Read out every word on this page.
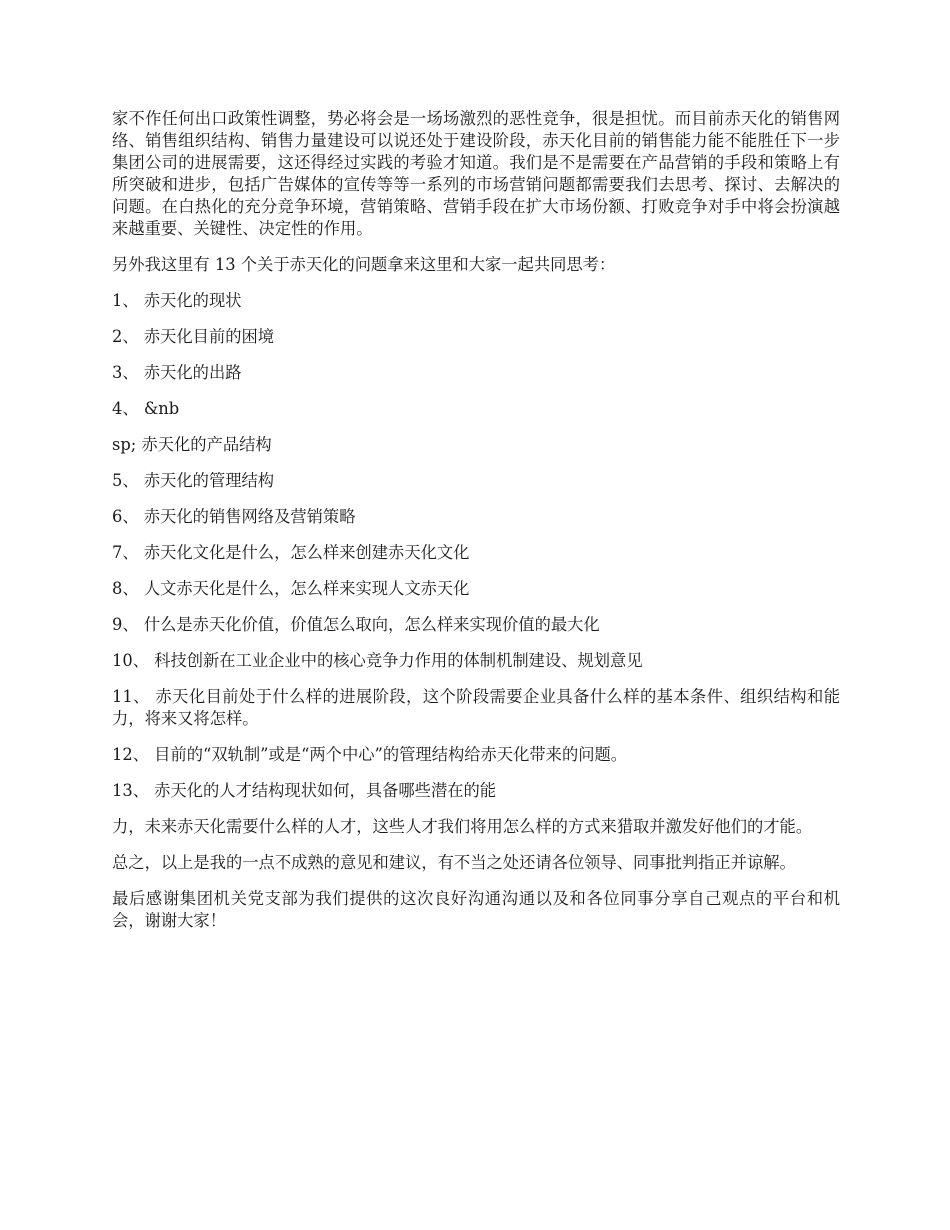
家不作任何出口政策性调整，势必将会是一场场激烈的恶性竞争，很是担忧。而目前赤天化的销售网络、销售组织结构、销售力量建设可以说还处于建设阶段，赤天化目前的销售能力能不能胜任下一步集团公司的进展需要，这还得经过实践的考验才知道。我们是不是需要在产品营销的手段和策略上有所突破和进步，包括广告媒体的宣传等等一系列的市场营销问题都需要我们去思考、探讨、去解决的问题。在白热化的充分竞争环境，营销策略、营销手段在扩大市场份额、打败竞争对手中将会扮演越来越重要、关键性、决定性的作用。

另外我这里有 13 个关于赤天化的问题拿来这里和大家一起共同思考：

1、 赤天化的现状

2、 赤天化目前的困境

3、 赤天化的出路

4、 &nb

sp; 赤天化的产品结构

5、 赤天化的管理结构

6、 赤天化的销售网络及营销策略

7、 赤天化文化是什么，怎么样来创建赤天化文化

8、 人文赤天化是什么，怎么样来实现人文赤天化

9、 什么是赤天化价值，价值怎么取向，怎么样来实现价值的最大化

10、 科技创新在工业企业中的核心竞争力作用的体制机制建设、规划意见

11、 赤天化目前处于什么样的进展阶段，这个阶段需要企业具备什么样的基本条件、组织结构和能力，将来又将怎样。

12、 目前的“双轨制”或是“两个中心”的管理结构给赤天化带来的问题。

13、 赤天化的人才结构现状如何，具备哪些潜在的能

力，未来赤天化需要什么样的人才，这些人才我们将用怎么样的方式来猎取并激发好他们的才能。

总之，以上是我的一点不成熟的意见和建议，有不当之处还请各位领导、同事批判指正并谅解。

最后感谢集团机关党支部为我们提供的这次良好沟通沟通以及和各位同事分享自己观点的平台和机会，谢谢大家！
